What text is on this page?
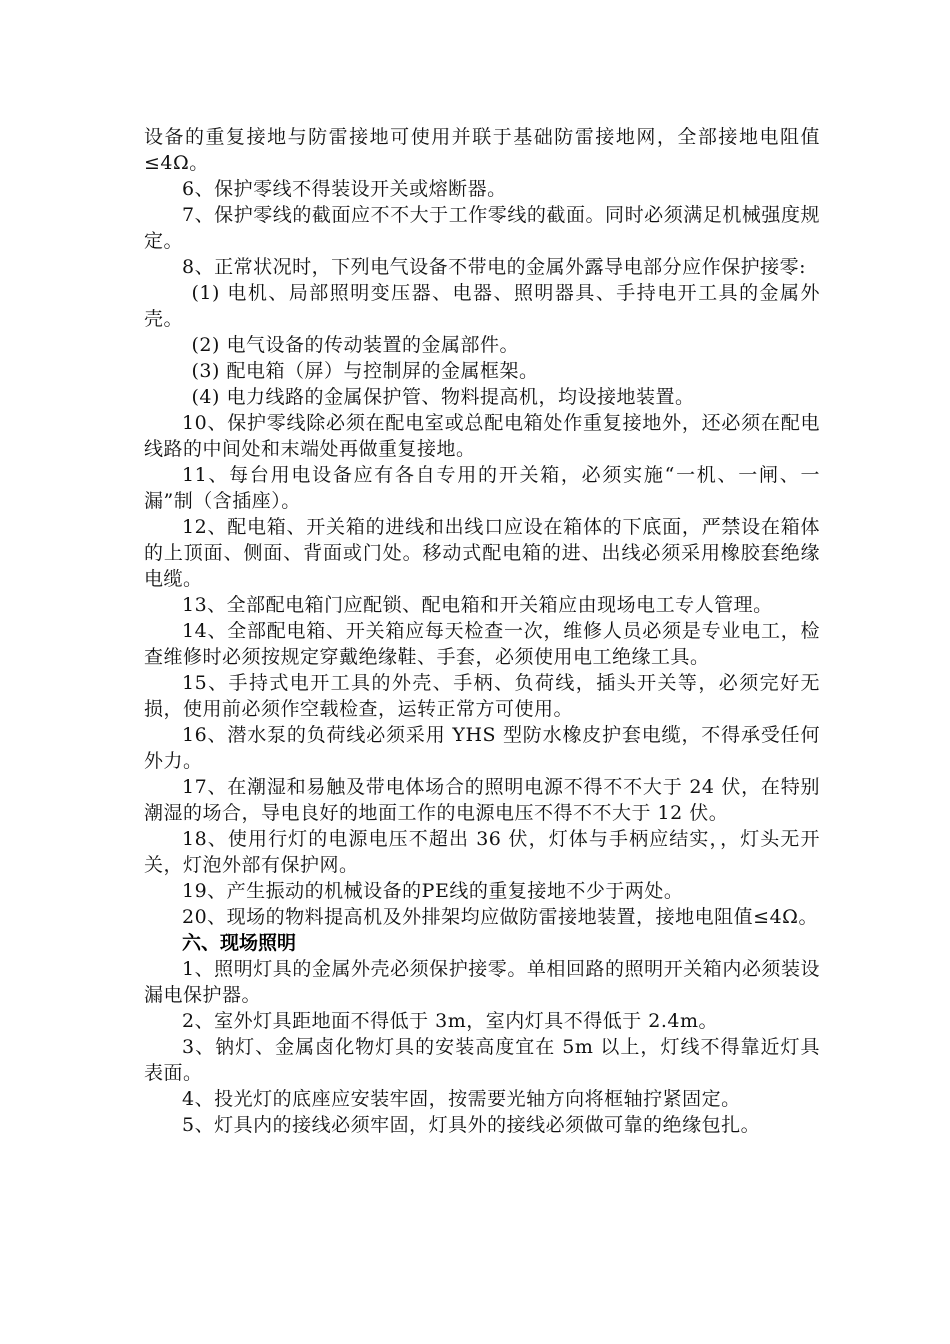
设备的重复接地与防雷接地可使用并联于基础防雷接地网，全部接地电阻值≤4Ω。

6、保护零线不得装设开关或熔断器。

7、保护零线的截面应不不大于工作零线的截面。同时必须满足机械强度规定。

8、正常状况时，下列电气设备不带电的金属外露导电部分应作保护接零:

(1) 电机、局部照明变压器、电器、照明器具、手持电开工具的金属外壳。

(2) 电气设备的传动装置的金属部件。

(3) 配电箱（屏）与控制屏的金属框架。

(4) 电力线路的金属保护管、物料提高机，均设接地装置。

10、保护零线除必须在配电室或总配电箱处作重复接地外，还必须在配电线路的中间处和末端处再做重复接地。

11、每台用电设备应有各自专用的开关箱，必须实施“一机、一闸、一漏”制（含插座）。

12、配电箱、开关箱的进线和出线口应设在箱体的下底面，严禁设在箱体的上顶面、侧面、背面或门处。移动式配电箱的进、出线必须采用橡胶套绝缘电缆。

13、全部配电箱门应配锁、配电箱和开关箱应由现场电工专人管理。

14、全部配电箱、开关箱应每天检查一次，维修人员必须是专业电工，检查维修时必须按规定穿戴绝缘鞋、手套，必须使用电工绝缘工具。

15、手持式电开工具的外壳、手柄、负荷线，插头开关等，必须完好无损，使用前必须作空载检查，运转正常方可使用。

16、潜水泵的负荷线必须采用 YHS 型防水橡皮护套电缆，不得承受任何外力。

17、在潮湿和易触及带电体场合的照明电源不得不不大于 24 伏，在特别潮湿的场合，导电良好的地面工作的电源电压不得不不大于 12 伏。

18、使用行灯的电源电压不超出 36 伏，灯体与手柄应结实，，灯头无开关，灯泡外部有保护网。

19、产生振动的机械设备的PE线的重复接地不少于两处。

20、现场的物料提高机及外排架均应做防雷接地装置，接地电阻值≤4Ω。

六、现场照明

1、照明灯具的金属外壳必须保护接零。单相回路的照明开关箱内必须装设漏电保护器。

2、室外灯具距地面不得低于 3m，室内灯具不得低于 2.4m。

3、钠灯、金属卤化物灯具的安装高度宜在 5m 以上，灯线不得靠近灯具表面。

4、投光灯的底座应安装牢固，按需要光轴方向将框轴拧紧固定。

5、灯具内的接线必须牢固，灯具外的接线必须做可靠的绝缘包扎。
